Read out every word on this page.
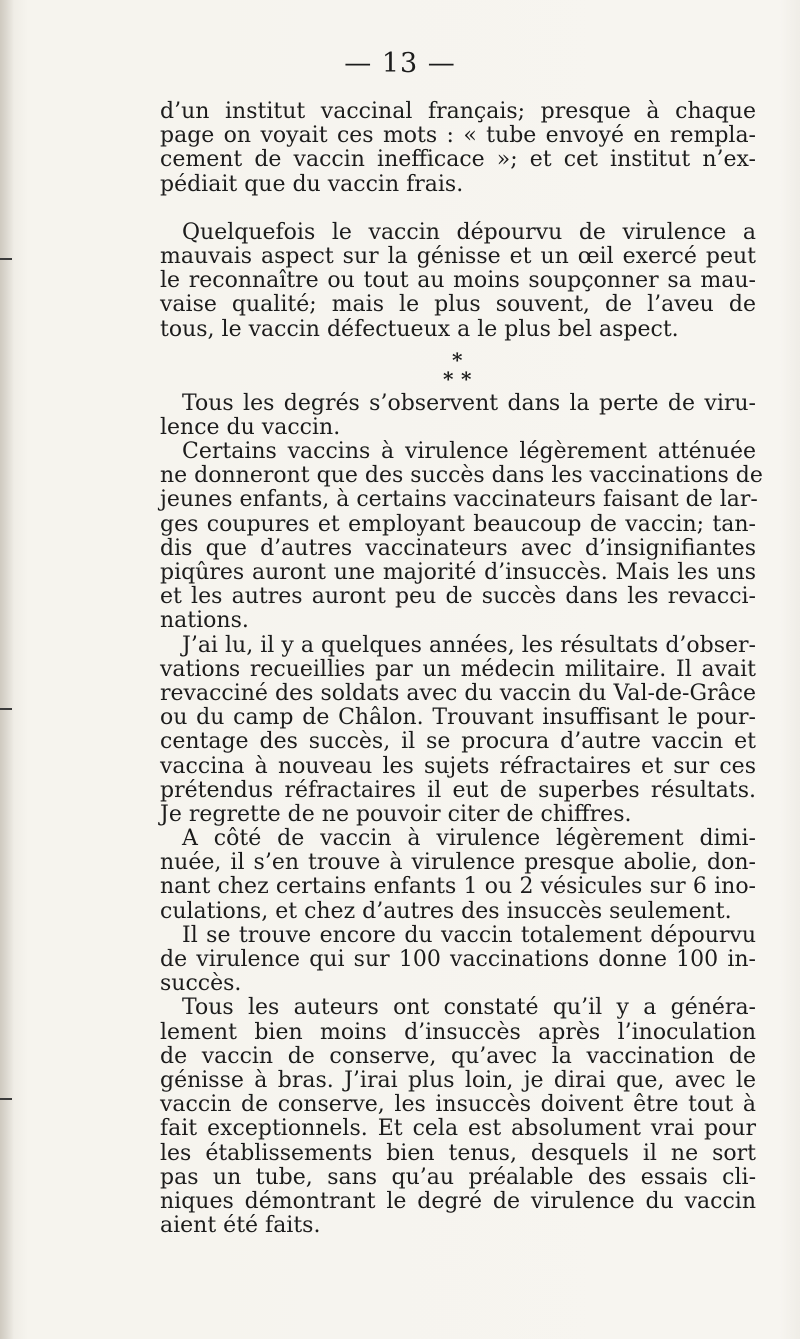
— 13 —
d’un institut vaccinal français; presque à chaque
page on voyait ces mots : « tube envoyé en rempla-
cement de vaccin inefficace »; et cet institut n’ex-
pédiait que du vaccin frais.
Quelquefois le vaccin dépourvu de virulence a
mauvais aspect sur la génisse et un œil exercé peut
le reconnaître ou tout au moins soupçonner sa mau-
vaise qualité; mais le plus souvent, de l’aveu de
tous, le vaccin défectueux a le plus bel aspect.
*
* *
Tous les degrés s’observent dans la perte de viru-
lence du vaccin.
Certains vaccins à virulence légèrement atténuée
ne donneront que des succès dans les vaccinations de
jeunes enfants, à certains vaccinateurs faisant de lar-
ges coupures et employant beaucoup de vaccin; tan-
dis que d’autres vaccinateurs avec d’insignifiantes
piqûres auront une majorité d’insuccès. Mais les uns
et les autres auront peu de succès dans les revacci-
nations.
J’ai lu, il y a quelques années, les résultats d’obser-
vations recueillies par un médecin militaire. Il avait
revacciné des soldats avec du vaccin du Val-de-Grâce
ou du camp de Châlon. Trouvant insuffisant le pour-
centage des succès, il se procura d’autre vaccin et
vaccina à nouveau les sujets réfractaires et sur ces
prétendus réfractaires il eut de superbes résultats.
Je regrette de ne pouvoir citer de chiffres.
A côté de vaccin à virulence légèrement dimi-
nuée, il s’en trouve à virulence presque abolie, don-
nant chez certains enfants 1 ou 2 vésicules sur 6 ino-
culations, et chez d’autres des insuccès seulement.
Il se trouve encore du vaccin totalement dépourvu
de virulence qui sur 100 vaccinations donne 100 in-
succès.
Tous les auteurs ont constaté qu’il y a généra-
lement bien moins d’insuccès après l’inoculation
de vaccin de conserve, qu’avec la vaccination de
génisse à bras. J’irai plus loin, je dirai que, avec le
vaccin de conserve, les insuccès doivent être tout à
fait exceptionnels. Et cela est absolument vrai pour
les établissements bien tenus, desquels il ne sort
pas un tube, sans qu’au préalable des essais cli-
niques démontrant le degré de virulence du vaccin
aient été faits.
